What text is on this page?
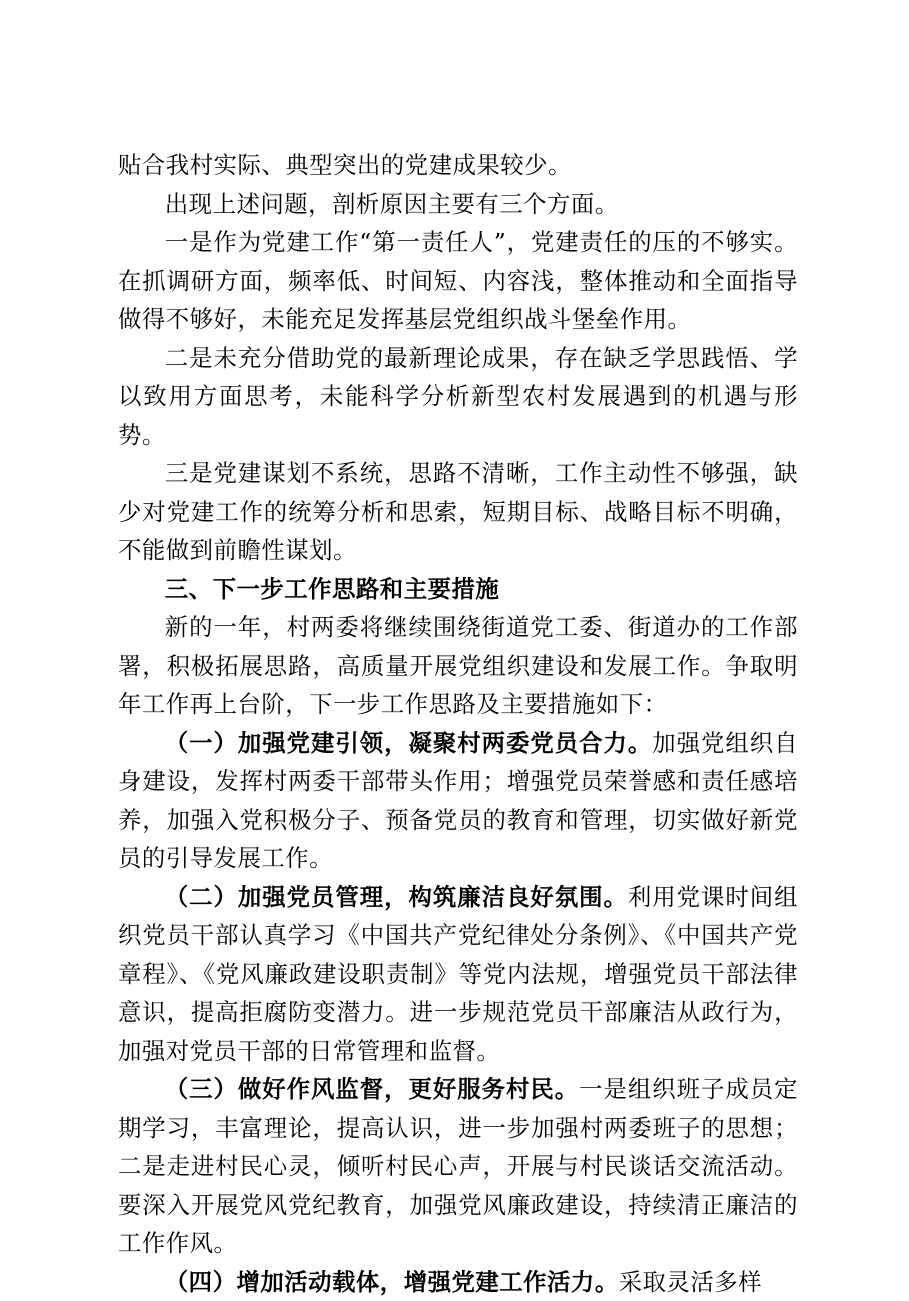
贴合我村实际、典型突出的党建成果较少。

出现上述问题，剖析原因主要有三个方面。

一是作为党建工作“第一责任人”，党建责任的压的不够实。在抓调研方面，频率低、时间短、内容浅，整体推动和全面指导做得不够好，未能充足发挥基层党组织战斗堡垒作用。

二是未充分借助党的最新理论成果，存在缺乏学思践悟、学以致用方面思考，未能科学分析新型农村发展遇到的机遇与形势。

三是党建谋划不系统，思路不清晰，工作主动性不够强，缺少对党建工作的统筹分析和思索，短期目标、战略目标不明确，不能做到前瞻性谋划。

三、下一步工作思路和主要措施

新的一年，村两委将继续围绕街道党工委、街道办的工作部署，积极拓展思路，高质量开展党组织建设和发展工作。争取明年工作再上台阶，下一步工作思路及主要措施如下：

（一）加强党建引领，凝聚村两委党员合力。加强党组织自身建设，发挥村两委干部带头作用；增强党员荣誉感和责任感培养，加强入党积极分子、预备党员的教育和管理，切实做好新党员的引导发展工作。

（二）加强党员管理，构筑廉洁良好氛围。利用党课时间组织党员干部认真学习《中国共产党纪律处分条例》、《中国共产党章程》、《党风廉政建设职责制》等党内法规，增强党员干部法律意识，提高拒腐防变潜力。进一步规范党员干部廉洁从政行为，加强对党员干部的日常管理和监督。

（三）做好作风监督，更好服务村民。一是组织班子成员定期学习，丰富理论，提高认识，进一步加强村两委班子的思想；二是走进村民心灵，倾听村民心声，开展与村民谈话交流活动。要深入开展党风党纪教育，加强党风廉政建设，持续清正廉洁的工作作风。

（四）增加活动载体，增强党建工作活力。采取灵活多样
